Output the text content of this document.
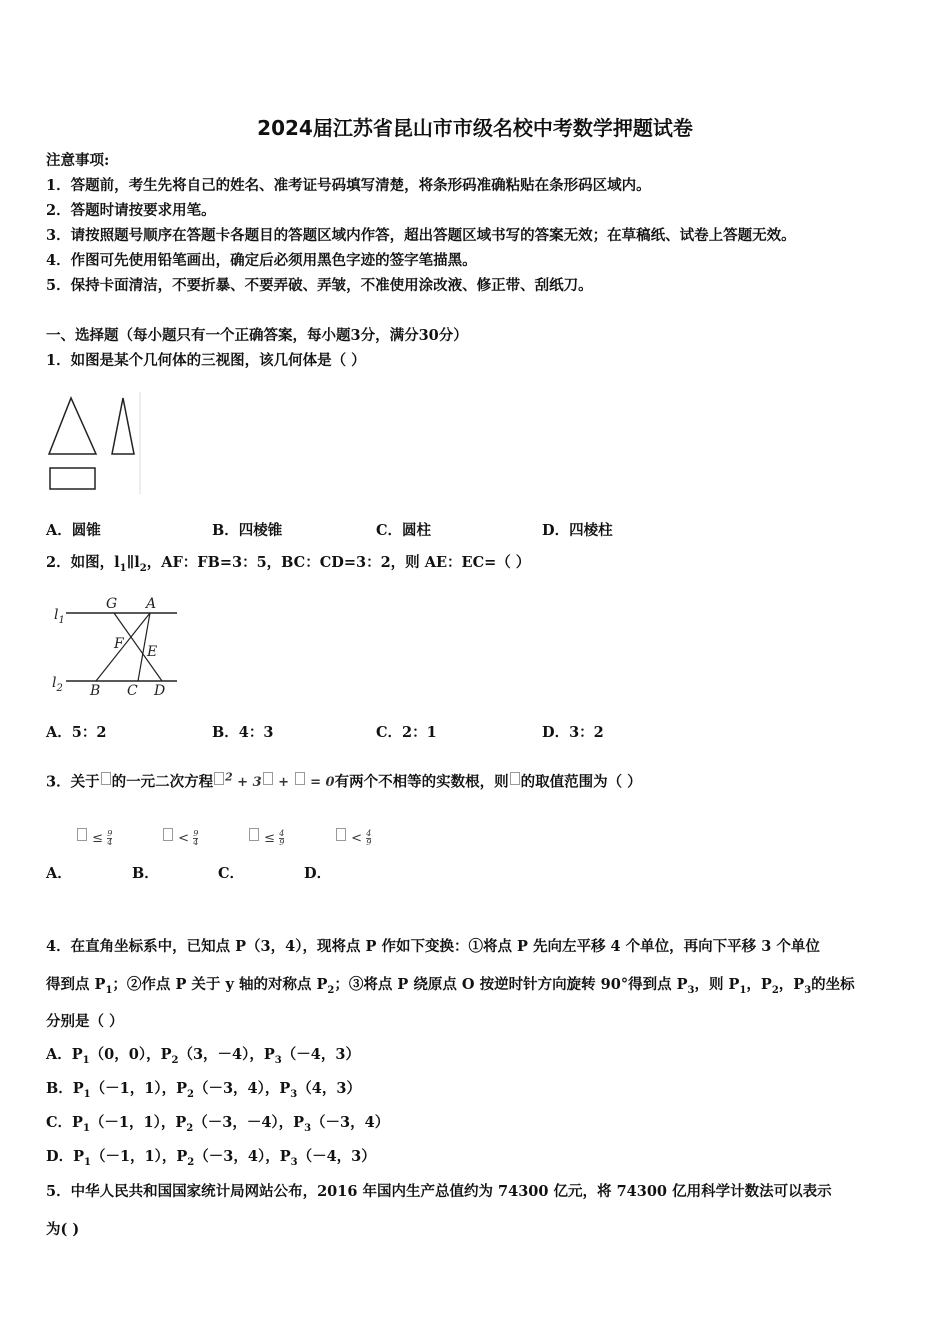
2024届江苏省昆山市市级名校中考数学押题试卷
注意事项:
1．答题前，考生先将自己的姓名、准考证号码填写清楚，将条形码准确粘贴在条形码区域内。
2．答题时请按要求用笔。
3．请按照题号顺序在答题卡各题目的答题区域内作答，超出答题区域书写的答案无效；在草稿纸、试卷上答题无效。
4．作图可先使用铅笔画出，确定后必须用黑色字迹的签字笔描黑。
5．保持卡面清洁，不要折暴、不要弄破、弄皱，不准使用涂改液、修正带、刮纸刀。
一、选择题（每小题只有一个正确答案，每小题3分，满分30分）
1．如图是某个几何体的三视图，该几何体是（ ）
A．圆锥	B．四棱锥	C．圆柱	D．四棱柱
2．如图，$l_1\parallel l_2$，AF：FB=3：5，BC：CD=3：2，则 AE：EC=（ ）
$l_1$
$l_2$
G A
F E
B C D
A．5：2	B．4：3	C．2：1	D．3：2
3．关于 的一元二次方程 $^2$ + 3 +  = 0有两个不相等的实数根，则 的取值范围为（ ）
≤ $\frac{9}{4}$	< $\frac{9}{4}$	≤ $\frac{4}{9}$	< $\frac{4}{9}$
A．	B．	C．	D．
4．在直角坐标系中，已知点 P（3，4），现将点 P 作如下变换：①将点 P 先向左平移 4 个单位，再向下平移 3 个单位
得到点 $P_1$；②作点 P 关于 y 轴的对称点 $P_2$；③将点 P 绕原点 O 按逆时针方向旋转 90°得到点 $P_3$，则 $P_1$，$P_2$，$P_3$的坐标
分别是（ ）
A．$P_1(0$，0），$P_2(3$，－4），$P_3(-4$，3）
B．$P_1(-1$，1），$P_2(-3$，4），$P_3(4$，3）
C．$P_1(-1$，1），$P_2(-3$，－4），$P_3(-3$，4）
D．$P_1(-1$，1），$P_2(-3$，4），$P_3(-4$，3）
5．中华人民共和国国家统计局网站公布，2016 年国内生产总值约为 74300 亿元，将 74300 亿用科学计数法可以表示
为( )
